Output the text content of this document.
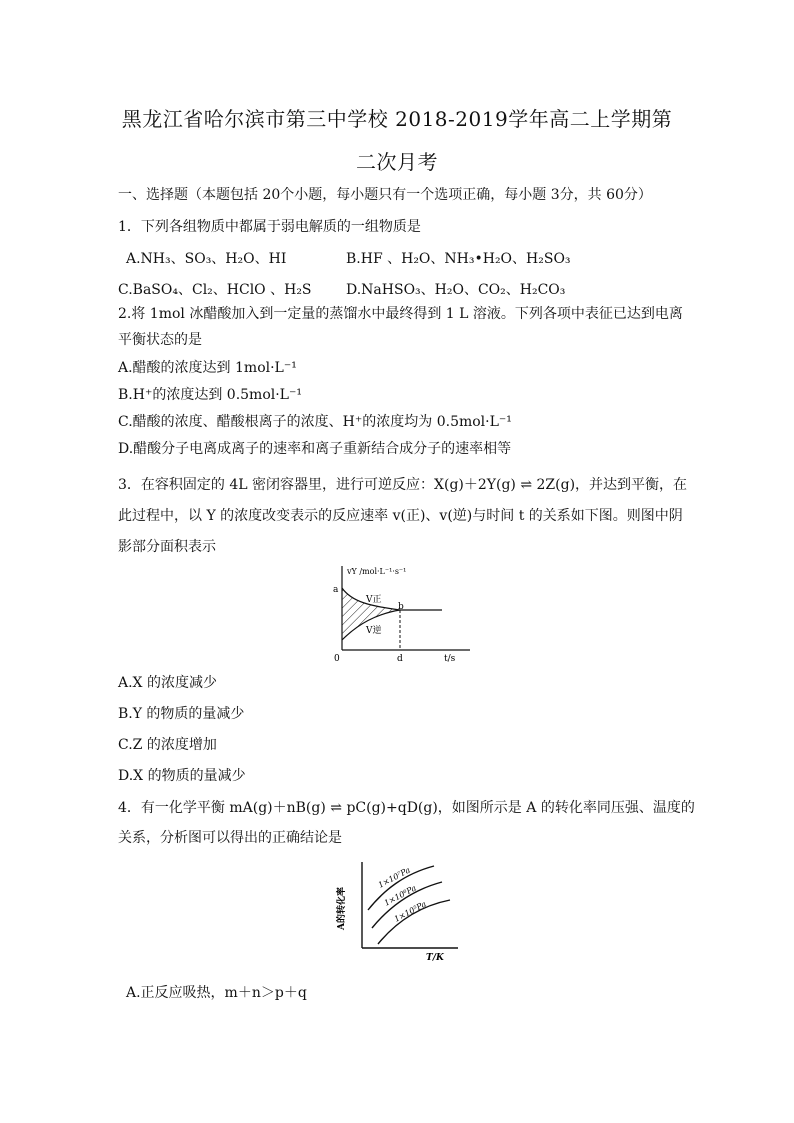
黑龙江省哈尔滨市第三中学校 2018-2019学年高二上学期第
二次月考
一、选择题（本题包括 20个小题，每小题只有一个选项正确，每小题 3分，共 60分）
1．下列各组物质中都属于弱电解质的一组物质是
A.NH₃、SO₃、H₂O、HI	B.HF 、H₂O、NH₃•H₂O、H₂SO₃
C.BaSO₄、Cl₂、HClO 、H₂S D.NaHSO₃、H₂O、CO₂、H₂CO₃
2.将 1mol 冰醋酸加入到一定量的蒸馏水中最终得到 1 L 溶液。下列各项中表征已达到电离
平衡状态的是
A.醋酸的浓度达到 1mol·L⁻¹
B.H⁺的浓度达到 0.5mol·L⁻¹
C.醋酸的浓度、醋酸根离子的浓度、H⁺的浓度均为 0.5mol·L⁻¹
D.醋酸分子电离成离子的速率和离子重新结合成分子的速率相等
3．在容积固定的 4L 密闭容器里，进行可逆反应：X(g)＋2Y(g) ⇌ 2Z(g)，并达到平衡，在
此过程中，以 Y 的浓度改变表示的反应速率 v(正)、v(逆)与时间 t 的关系如下图。则图中阴
影部分面积表示
vY /mol·L⁻¹·s⁻¹
a
b
V正
V逆
0	d	t/s
A.X 的浓度减少
B.Y 的物质的量减少
C.Z 的浓度增加
D.X 的物质的量减少
4．有一化学平衡 mA(g)＋nB(g) ⇌ pC(g)+qD(g)，如图所示是 A 的转化率同压强、温度的
关系，分析图可以得出的正确结论是
1×10⁷Pa
1×10⁶Pa
1×10⁵Pa
A的转化率
T/K
A.正反应吸热，m＋n＞p＋q
